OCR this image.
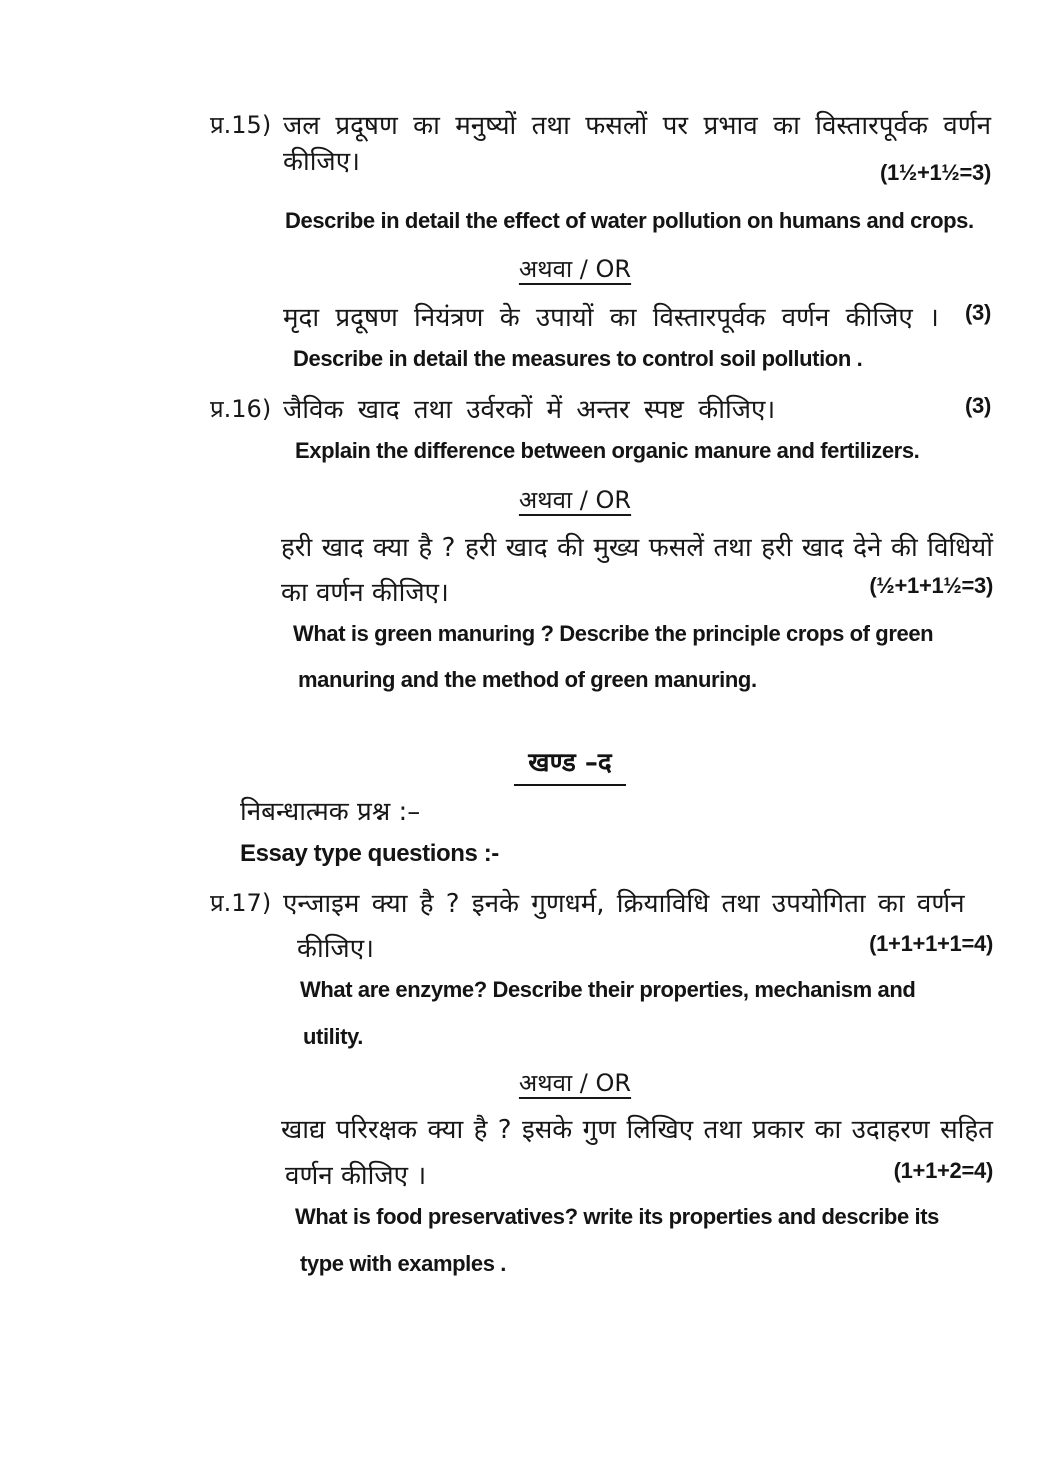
प्र.15) जल प्रदूषण का मनुष्यों तथा फसलों पर प्रभाव का विस्तारपूर्वक वर्णन कीजिए।	(1½+1½=3)
Describe in detail the effect of water pollution on humans and crops.
अथवा / OR
मृदा प्रदूषण नियंत्रण के उपायों का विस्तारपूर्वक वर्णन कीजिए ।	(3)
Describe in detail the measures to control soil pollution .
प्र.16) जैविक खाद तथा उर्वरकों में अन्तर स्पष्ट कीजिए।	(3)
Explain the difference between organic manure and fertilizers.
अथवा / OR
हरी खाद क्या है ? हरी खाद की मुख्य फसलें तथा हरी खाद देने की विधियों
का वर्णन कीजिए।	(½+1+1½=3)
What is green manuring ? Describe the principle crops of green
manuring and the method of green manuring.
खण्ड –द
निबन्धात्मक प्रश्न :–
Essay type questions :-
प्र.17) एन्जाइम क्या है ? इनके गुणधर्म, क्रियाविधि तथा उपयोगिता का वर्णन
कीजिए।	(1+1+1+1=4)
What are enzyme? Describe their properties, mechanism and
utility.
अथवा / OR
खाद्य परिरक्षक क्या है ? इसके गुण लिखिए तथा प्रकार का उदाहरण सहित
वर्णन कीजिए ।	(1+1+2=4)
What is food preservatives? write its properties and describe its
type with examples .
